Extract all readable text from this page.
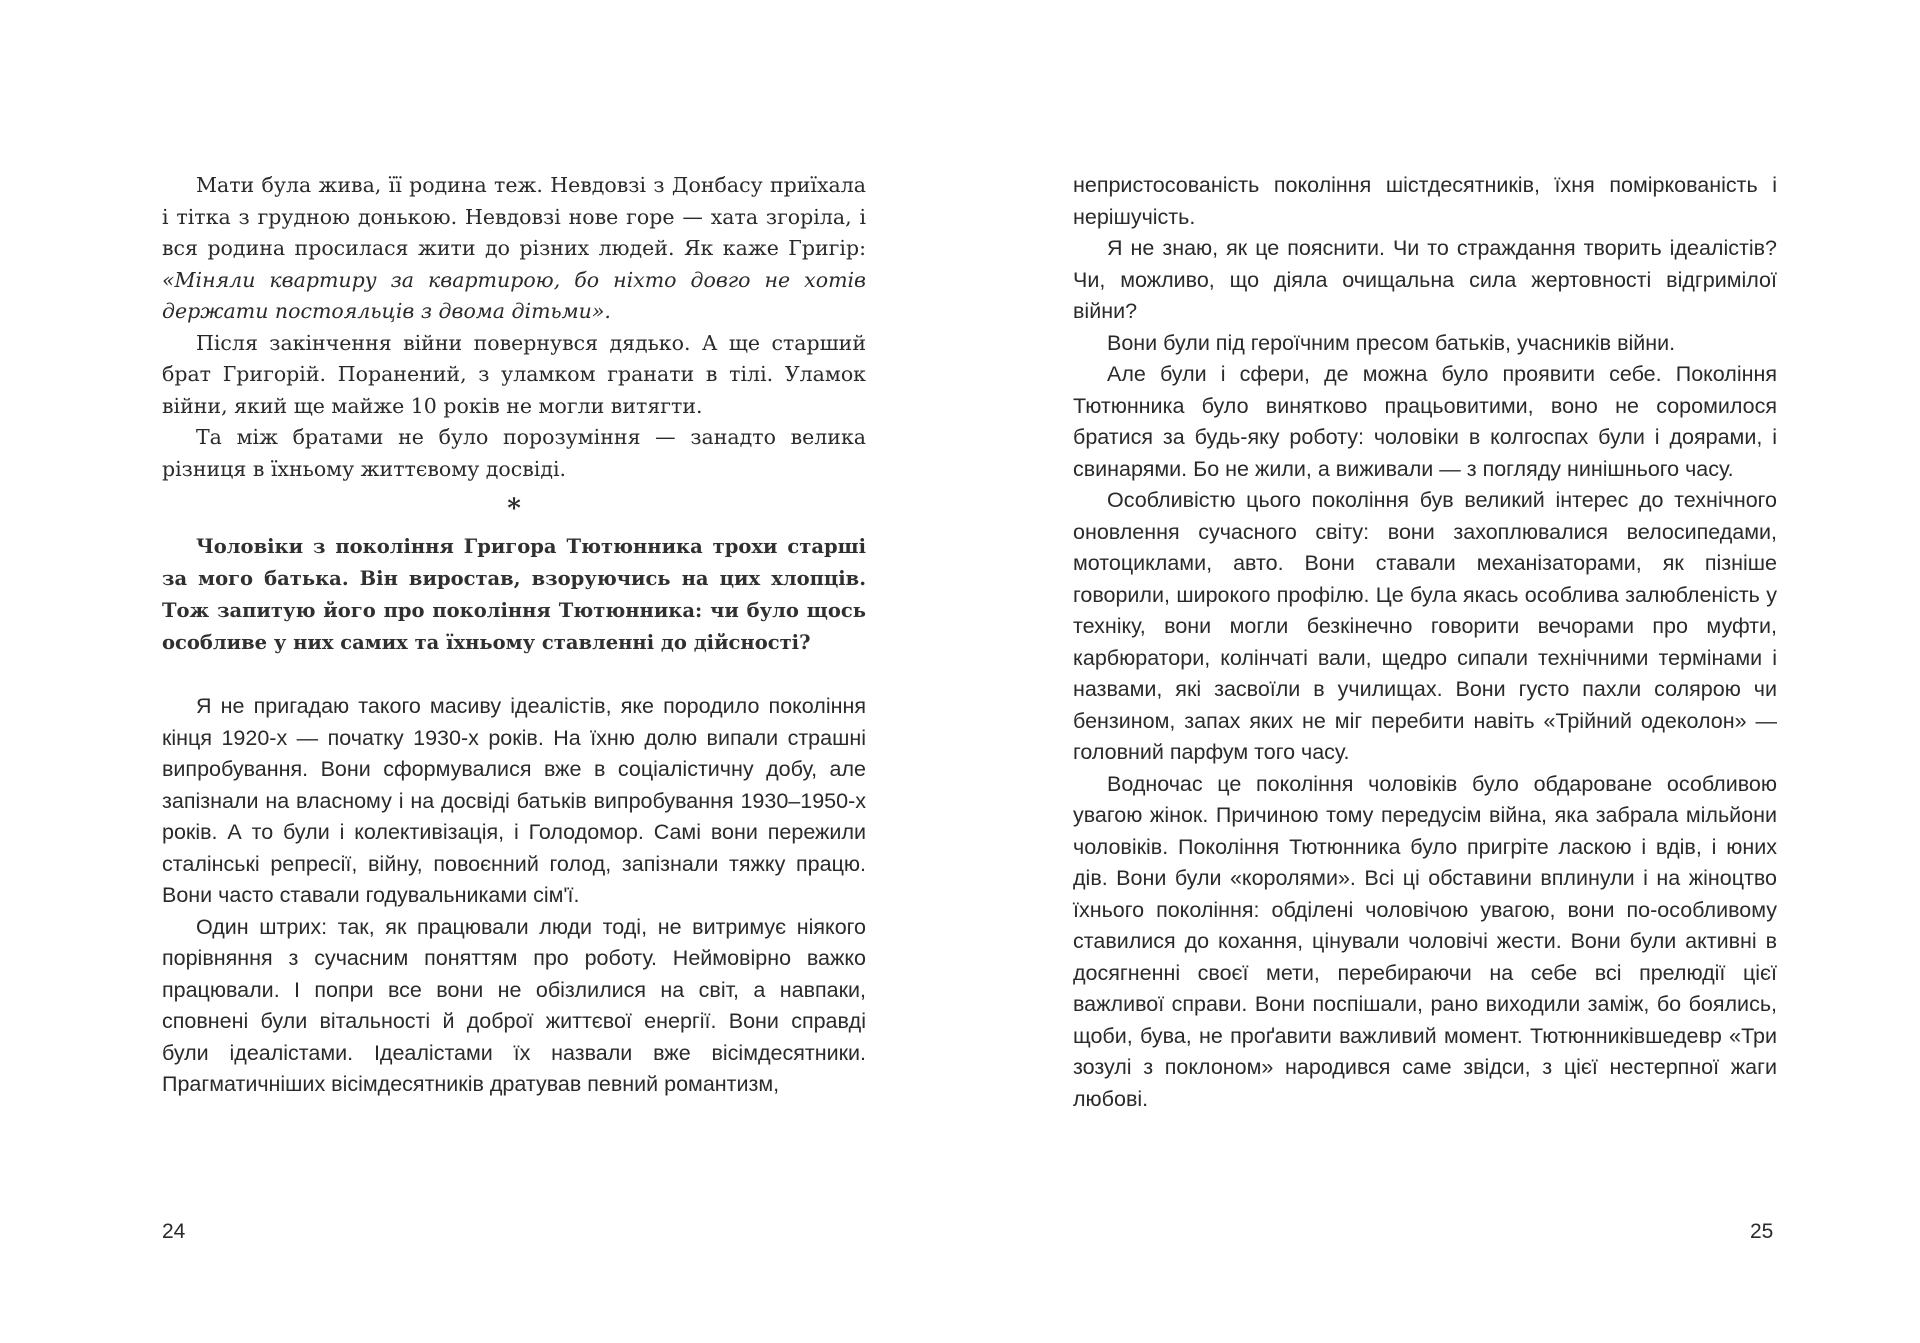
Мати була жива, її родина теж. Невдовзі з Донбасу приїхала і тітка з грудною донькою. Невдовзі нове горе — хата згоріла, і вся родина просилася жити до різних людей. Як каже Григір: «Міняли квартиру за квартирою, бо ніхто довго не хотів держати постояльців з двома дітьми».

Після закінчення війни повернувся дядько. А ще старший брат Григорій. Поранений, з уламком гранати в тілі. Уламок війни, який ще майже 10 років не могли витягти.

Та між братами не було порозуміння — занадто велика різниця в їхньому життєвому досвіді.

*

Чоловіки з покоління Григора Тютюнника трохи старші за мого батька. Він виростав, взоруючись на цих хлопців. Тож запитую його про покоління Тютюнника: чи було щось особливе у них самих та їхньому ставленні до дійсності?

Я не пригадаю такого масиву ідеалістів, яке породило покоління кінця 1920-х — початку 1930-х років. На їхню долю випали страшні випробування. Вони сформувалися вже в соціалістичну добу, але запізнали на власному і на досвіді батьків випробування 1930–1950-х років. А то були і колективізація, і Голодомор. Самі вони пережили сталінські репресії, війну, повоєнний голод, запізнали тяжку працю. Вони часто ставали годувальниками сім'ї.

Один штрих: так, як працювали люди тоді, не витримує ніякого порівняння з сучасним поняттям про роботу. Неймовірно важко працювали. І попри все вони не обізлилися на світ, а навпаки, сповнені були вітальності й доброї життєвої енергії. Вони справді були ідеалістами. Ідеалістами їх назвали вже вісімдесятники. Прагматичніших вісімдесятників дратував певний романтизм,

24

непристосованість покоління шістдесятників, їхня поміркованість і нерішучість.

Я не знаю, як це пояснити. Чи то страждання творить ідеалістів? Чи, можливо, що діяла очищальна сила жертовності відгримілої війни?

Вони були під героїчним пресом батьків, учасників війни.

Але були і сфери, де можна було проявити себе. Покоління Тютюнника було винятково працьовитими, воно не соромилося братися за будь-яку роботу: чоловіки в колгоспах були і доярами, і свинарями. Бо не жили, а виживали — з погляду нинішнього часу.

Особливістю цього покоління був великий інтерес до технічного оновлення сучасного світу: вони захоплювалися велосипедами, мотоциклами, авто. Вони ставали механізаторами, як пізніше говорили, широкого профілю. Це була якась особлива залюбленість у техніку, вони могли безкінечно говорити вечорами про муфти, карбюратори, колінчаті вали, щедро сипали технічними термінами і назвами, які засвоїли в училищах. Вони густо пахли солярою чи бензином, запах яких не міг перебити навіть «Трійний одеколон» — головний парфум того часу.

Водночас це покоління чоловіків було обдароване особливою увагою жінок. Причиною тому передусім війна, яка забрала мільйони чоловіків. Покоління Тютюнника було пригріте ласкою і вдів, і юних дів. Вони були «королями». Всі ці обставини вплинули і на жіноцтво їхнього покоління: обділені чоловічою увагою, вони по-особливому ставилися до кохання, цінували чоловічі жести. Вони були активні в досягненні своєї мети, перебираючи на себе всі прелюдії цієї важливої справи. Вони поспішали, рано виходили заміж, бо боялись, щоби, бува, не проґавити важливий момент. Тютюнниківшедевр «Три зозулі з поклоном» народився саме звідси, з цієї нестерпної жаги любові.

25
